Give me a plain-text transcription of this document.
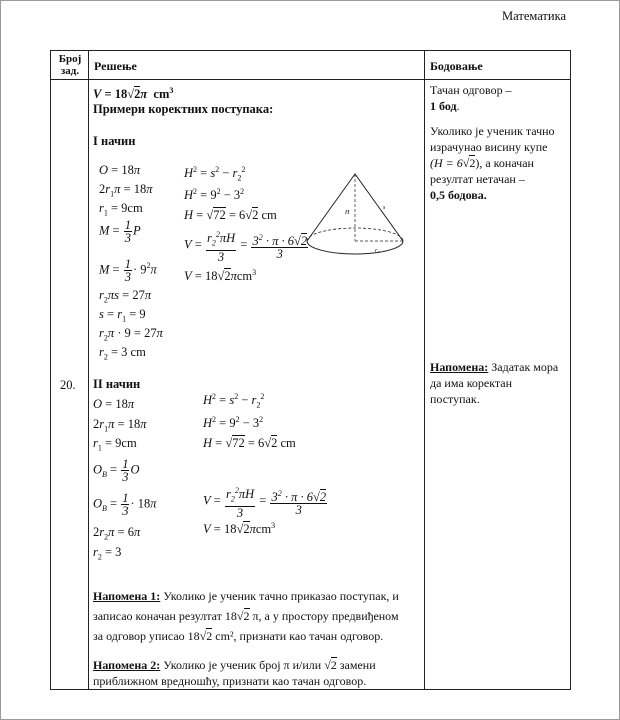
Математика
Број
зад.	Решење	Бодовање
20.
V = 18√2π  $cm^3$
Примери коректних поступака:
I начин
O = 18π
$2r_1\pi = 18\pi$
$r_1 = 9cm$
$M = \frac{1}{3}$ P
$M = \frac{1}{3} \cdot 9^2\pi$
$r_2\pi s = 27\pi$
$s = r_1 = 9$
$r_2\pi \cdot 9 = 27\pi$
$r_2 = 3$ cm
$H^2 = s^2 - r_2^2$
$H^2 = 9^2 - 3^2$
H = √72 = 6√2 cm
$V = \frac{r_2^2\pi H}{3} = \frac{3^2 \cdot \pi \cdot 6√2}{3}$
V = 18√2πcm$^3$
H
s
r₂
II начин
O = 18π
$2r_1\pi = 18\pi$
$r_1 = 9cm$
$O_B = \frac{1}{3}$ O
$O_B = \frac{1}{3} \cdot 18\pi$
$2r_2\pi = 6\pi$
$r_2 = 3$
$H^2 = s^2 - r_2^2$
$H^2 = 9^2 - 3^2$
H = √72 = 6√2 cm
$V = \frac{r_2^2\pi H}{3} = \frac{3^2 \cdot \pi \cdot 6√2}{3}$
V = 18√2πcm$^3$
Напомена 1: Уколико је ученик тачно приказао поступак, и
записао коначан резултат 18√2 π, а у простору предвиђеном
за одговор уписао 18√2 cm², признати као тачан одговор.
Напомена 2: Уколико је ученик број π и/или √2 замени
приближном вредношћу, признати као тачан одговор.
Тачан одговор –
1 бод.
Уколико је ученик тачно
израчунао висину купе
(H = 6√2), а коначан
резултат нетачан –
0,5 бодова.
Напомена: Задатак мора
да има коректан
поступак.
